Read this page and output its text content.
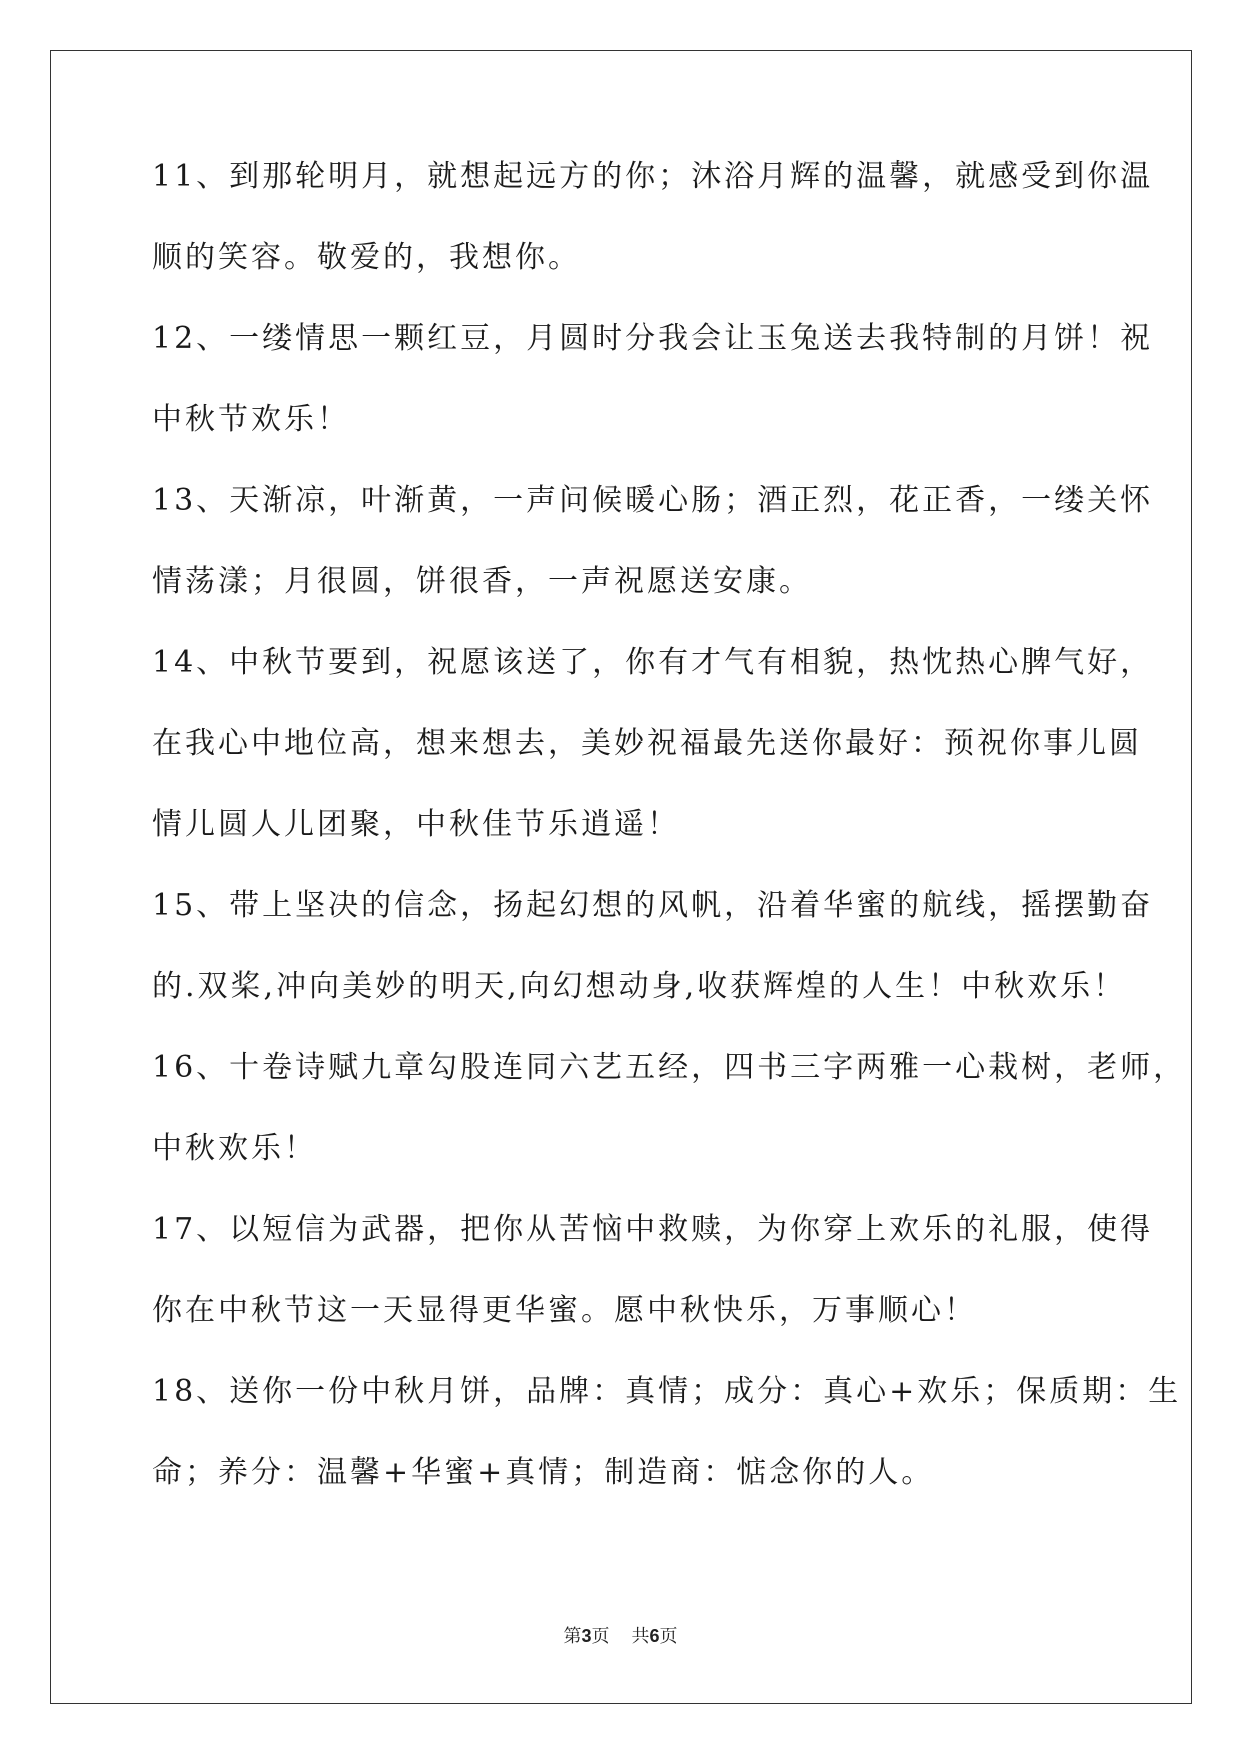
11、到那轮明月，就想起远方的你；沐浴月辉的温馨，就感受到你温
顺的笑容。敬爱的，我想你。
12、一缕情思一颗红豆，月圆时分我会让玉兔送去我特制的月饼！祝
中秋节欢乐！
13、天渐凉，叶渐黄，一声问候暖心肠；酒正烈，花正香，一缕关怀
情荡漾；月很圆，饼很香，一声祝愿送安康。
14、中秋节要到，祝愿该送了，你有才气有相貌，热忱热心脾气好，
在我心中地位高，想来想去，美妙祝福最先送你最好：预祝你事儿圆
情儿圆人儿团聚，中秋佳节乐逍遥！
15、带上坚决的信念，扬起幻想的风帆，沿着华蜜的航线，摇摆勤奋
的.双桨,冲向美妙的明天,向幻想动身,收获辉煌的人生！中秋欢乐！
16、十卷诗赋九章勾股连同六艺五经，四书三字两雅一心栽树，老师，
中秋欢乐！
17、以短信为武器，把你从苦恼中救赎，为你穿上欢乐的礼服，使得
你在中秋节这一天显得更华蜜。愿中秋快乐，万事顺心！
18、送你一份中秋月饼，品牌：真情；成分：真心+欢乐；保质期：生
命；养分：温馨+华蜜+真情；制造商：惦念你的人。
第3页 共6页
